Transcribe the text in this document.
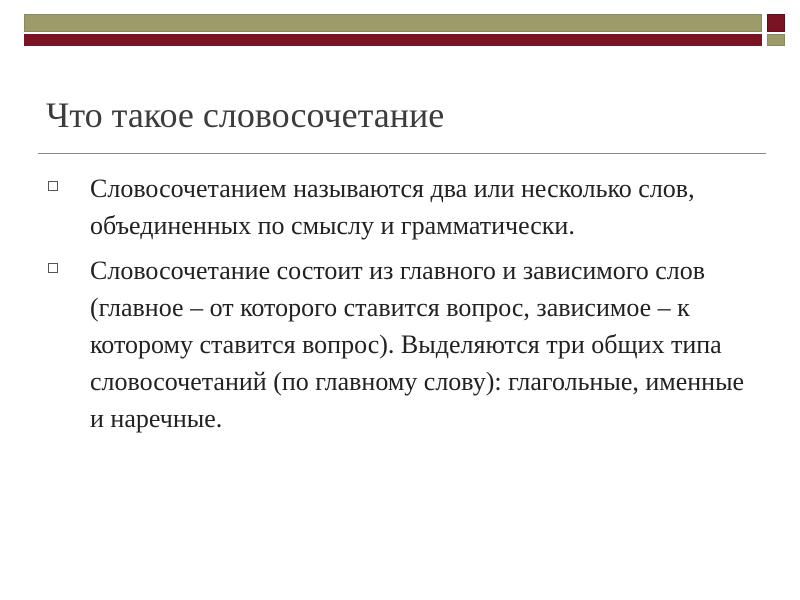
Что такое словосочетание
Словосочетанием называются два или несколько слов, объединенных по смыслу и грамматически.
Словосочетание состоит из главного и зависимого слов (главное – от которого ставится вопрос, зависимое – к которому ставится вопрос). Выделяются три общих типа словосочетаний (по главному слову): глагольные, именные и наречные.
